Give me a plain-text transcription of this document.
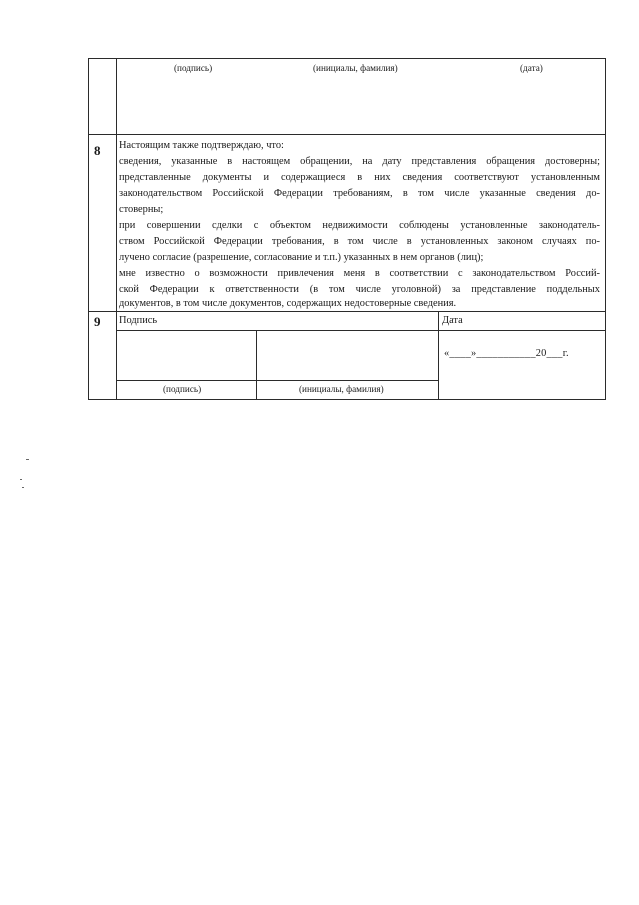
(подпись)	(инициалы, фамилия)	(дата)
8 Настоящим также подтверждаю, что:
сведения, указанные в настоящем обращении, на дату представления обращения достоверны;
представленные документы и содержащиеся в них сведения соответствуют установленным
законодательством Российской Федерации требованиям, в том числе указанные сведения до-
стоверны;
при совершении сделки с объектом недвижимости соблюдены установленные законодатель-
ством Российской Федерации требования, в том числе в установленных законом случаях по-
лучено согласие (разрешение, согласование и т.п.) указанных в нем органов (лиц);
мне известно о возможности привлечения меня в соответствии с законодательством Россий-
ской Федерации к ответственности (в том числе уголовной) за представление поддельных
документов, в том числе документов, содержащих недостоверные сведения.
9 Подпись	Дата
«____»___________20___г.
(подпись)	(инициалы, фамилия)
